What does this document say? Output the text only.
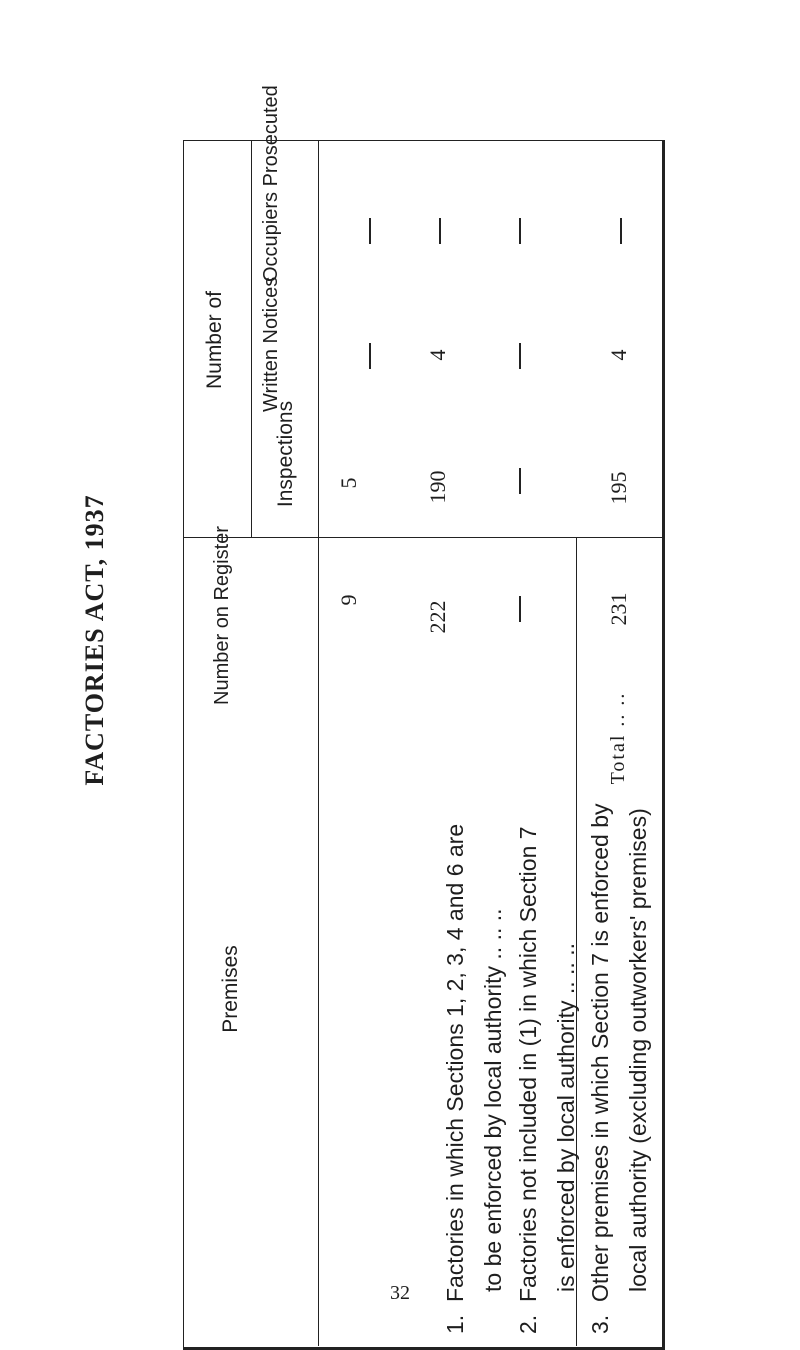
FACTORIES ACT, 1937
Number of
Occupiers Prosecuted
Written Notices
Inspections
Number on Register
Premises
1.  Factories in which Sections 1, 2, 3, 4 and 6 are to be enforced by local authority .. .. ..
9
5
2.  Factories not included in (1) in which Section 7 is enforced by local authority .. .. ..
222
190
4
3.  Other premises in which Section 7 is enforced by local authority (excluding outworkers' premises)
Total .. ..
231
195
4
32
